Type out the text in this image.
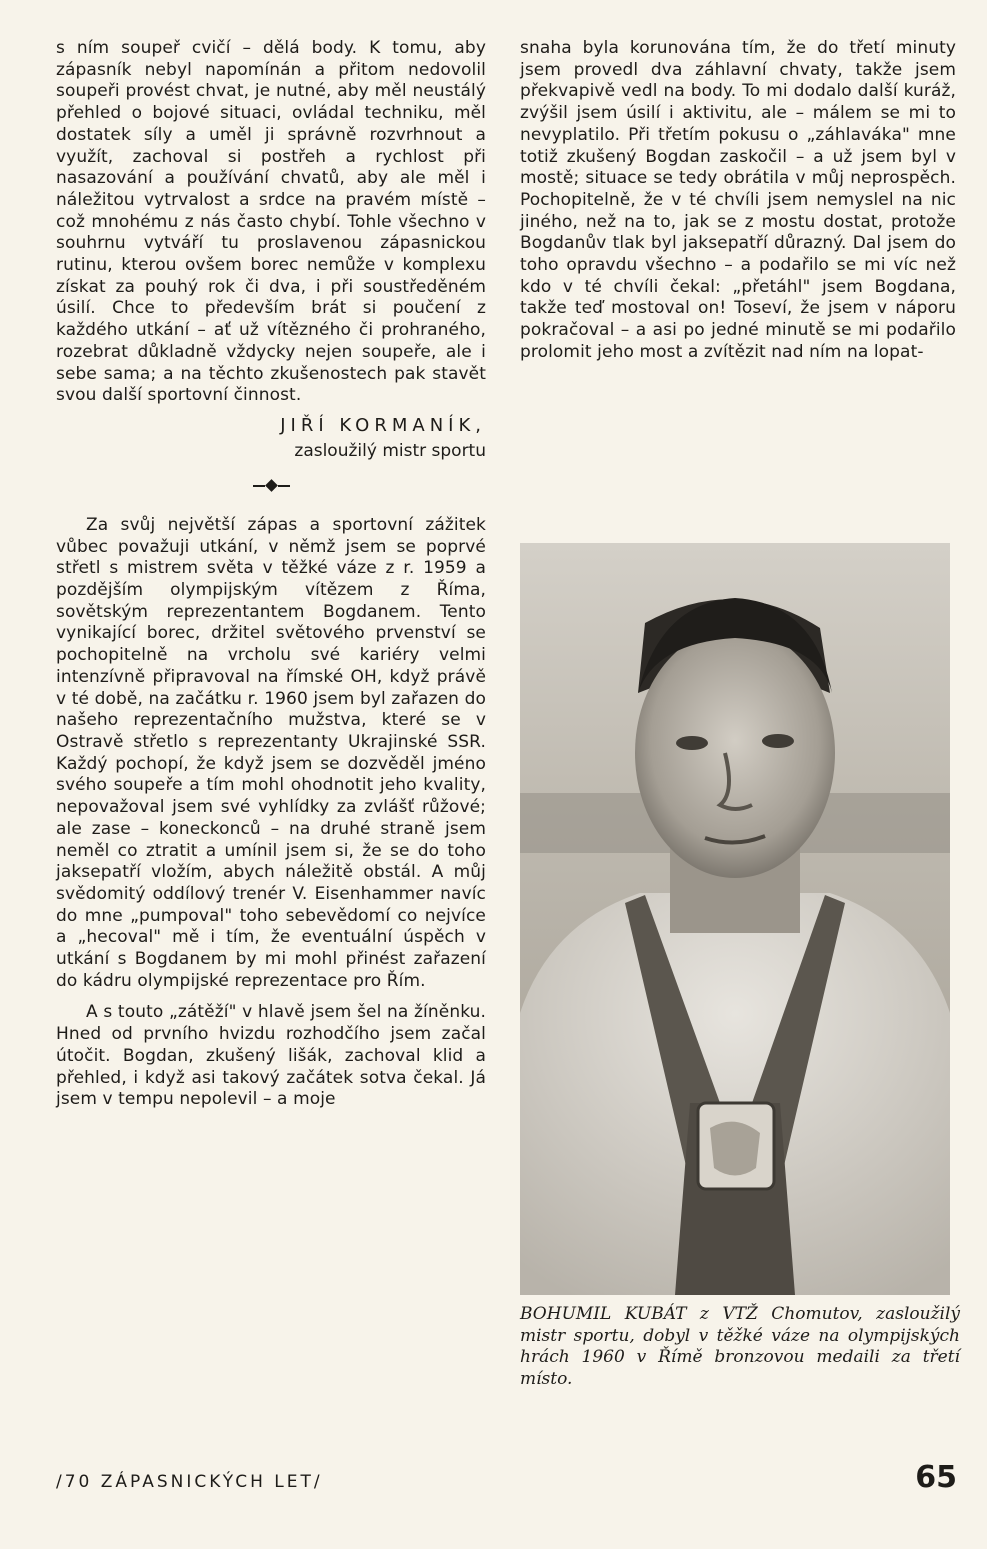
s ním soupeř cvičí – dělá body. K tomu, aby zápasník nebyl napomínán a přitom nedovolil soupeři provést chvat, je nutné, aby měl neustálý přehled o bojové situaci, ovládal techniku, měl dostatek síly a uměl ji správně rozvrhnout a využít, zachoval si postřeh a rychlost při nasazování a používání chvatů, aby ale měl i náležitou vytrvalost a srdce na pravém místě – což mnohému z nás často chybí. Tohle všechno v souhrnu vytváří tu proslavenou zápasnickou rutinu, kterou ovšem borec nemůže v komplexu získat za pouhý rok či dva, i při soustředěném úsilí. Chce to především brát si poučení z každého utkání – ať už vítězného či prohraného, rozebrat důkladně vždycky nejen soupeře, ale i sebe sama; a na těchto zkušenostech pak stavět svou další sportovní činnost.

JIŘÍ KORMANÍK,
zasloužilý mistr sportu

Za svůj největší zápas a sportovní zážitek vůbec považuji utkání, v němž jsem se poprvé střetl s mistrem světa v těžké váze z r. 1959 a pozdějším olympijským vítězem z Říma, sovětským reprezentantem Bogdanem. Tento vynikající borec, držitel světového prvenství se pochopitelně na vrcholu své kariéry velmi intenzívně připravoval na římské OH, když právě v té době, na začátku r. 1960 jsem byl zařazen do našeho reprezentačního mužstva, které se v Ostravě střetlo s reprezentanty Ukrajinské SSR. Každý pochopí, že když jsem se dozvěděl jméno svého soupeře a tím mohl ohodnotit jeho kvality, nepovažoval jsem své vyhlídky za zvlášť růžové; ale zase – koneckonců – na druhé straně jsem neměl co ztratit a umínil jsem si, že se do toho jaksepatří vložím, abych náležitě obstál. A můj svědomitý oddílový trenér V. Eisenhammer navíc do mne „pumpoval" toho sebevědomí co nejvíce a „hecoval" mě i tím, že eventuální úspěch v utkání s Bogdanem by mi mohl přinést zařazení do kádru olympijské reprezentace pro Řím.

A s touto „zátěží" v hlavě jsem šel na žíněnku. Hned od prvního hvizdu rozhodčího jsem začal útočit. Bogdan, zkušený lišák, zachoval klid a přehled, i když asi takový začátek sotva čekal. Já jsem v tempu nepolevil – a moje

snaha byla korunována tím, že do třetí minuty jsem provedl dva záhlavní chvaty, takže jsem překvapivě vedl na body. To mi dodalo další kuráž, zvýšil jsem úsilí i aktivitu, ale – málem se mi to nevyplatilo. Při třetím pokusu o „záhlaváka" mne totiž zkušený Bogdan zaskočil – a už jsem byl v mostě; situace se tedy obrátila v můj neprospěch. Pochopitelně, že v té chvíli jsem nemyslel na nic jiného, než na to, jak se z mostu dostat, protože Bogdanův tlak byl jaksepatří důrazný. Dal jsem do toho opravdu všechno – a podařilo se mi víc než kdo v té chvíli čekal: „přetáhl" jsem Bogdana, takže teď mostoval on! Toseví, že jsem v náporu pokračoval – a asi po jedné minutě se mi podařilo prolomit jeho most a zvítězit nad ním na lopat-

BOHUMIL KUBÁT z VTŽ Chomutov, zasloužilý mistr sportu, dobyl v těžké váze na olympijských hrách 1960 v Římě bronzovou medaili za třetí místo.

/70 ZÁPASNICKÝCH LET/	65
